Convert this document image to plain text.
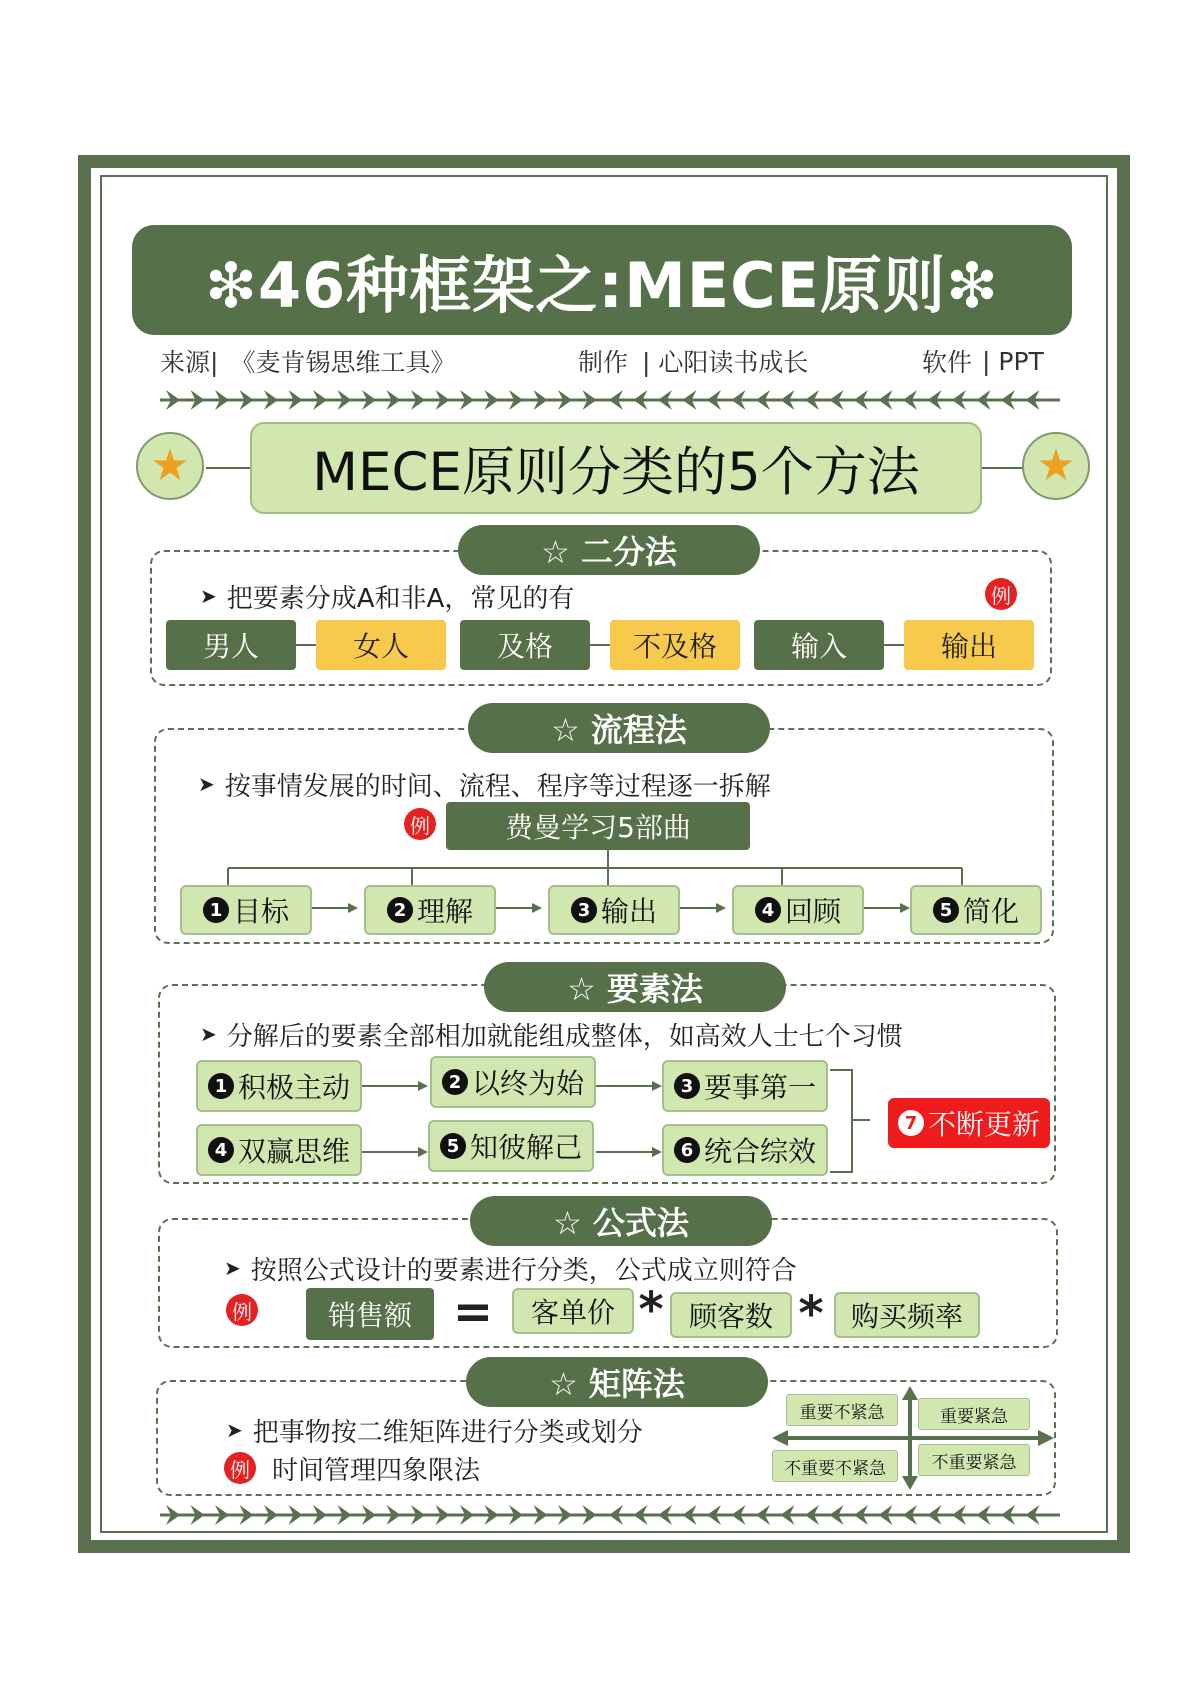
❇46种框架之:MECE原则❇
来源| 《麦肯锡思维工具》	制作 | 心阳读书成长	软件 | PPT
★	MECE原则分类的5个方法	★
☆ 二分法
➤ 把要素分成A和非A，常见的有	例
男人	女人	及格	不及格	输入	输出
☆ 流程法
➤ 按事情发展的时间、流程、程序等过程逐一拆解
例	费曼学习5部曲
1 目标	2 理解	3 输出	4 回顾	5 简化
☆ 要素法
➤ 分解后的要素全部相加就能组成整体，如高效人士七个习惯
1 积极主动	2 以终为始	3 要事第一
4 双赢思维	5 知彼解己	6 统合综效
7 不断更新
☆ 公式法
➤ 按照公式设计的要素进行分类，公式成立则符合
例	销售额 =	客单价 * 顾客数 * 购买频率
☆ 矩阵法
➤ 把事物按二维矩阵进行分类或划分
例 时间管理四象限法
重要不紧急	重要紧急
不重要不紧急	不重要紧急
